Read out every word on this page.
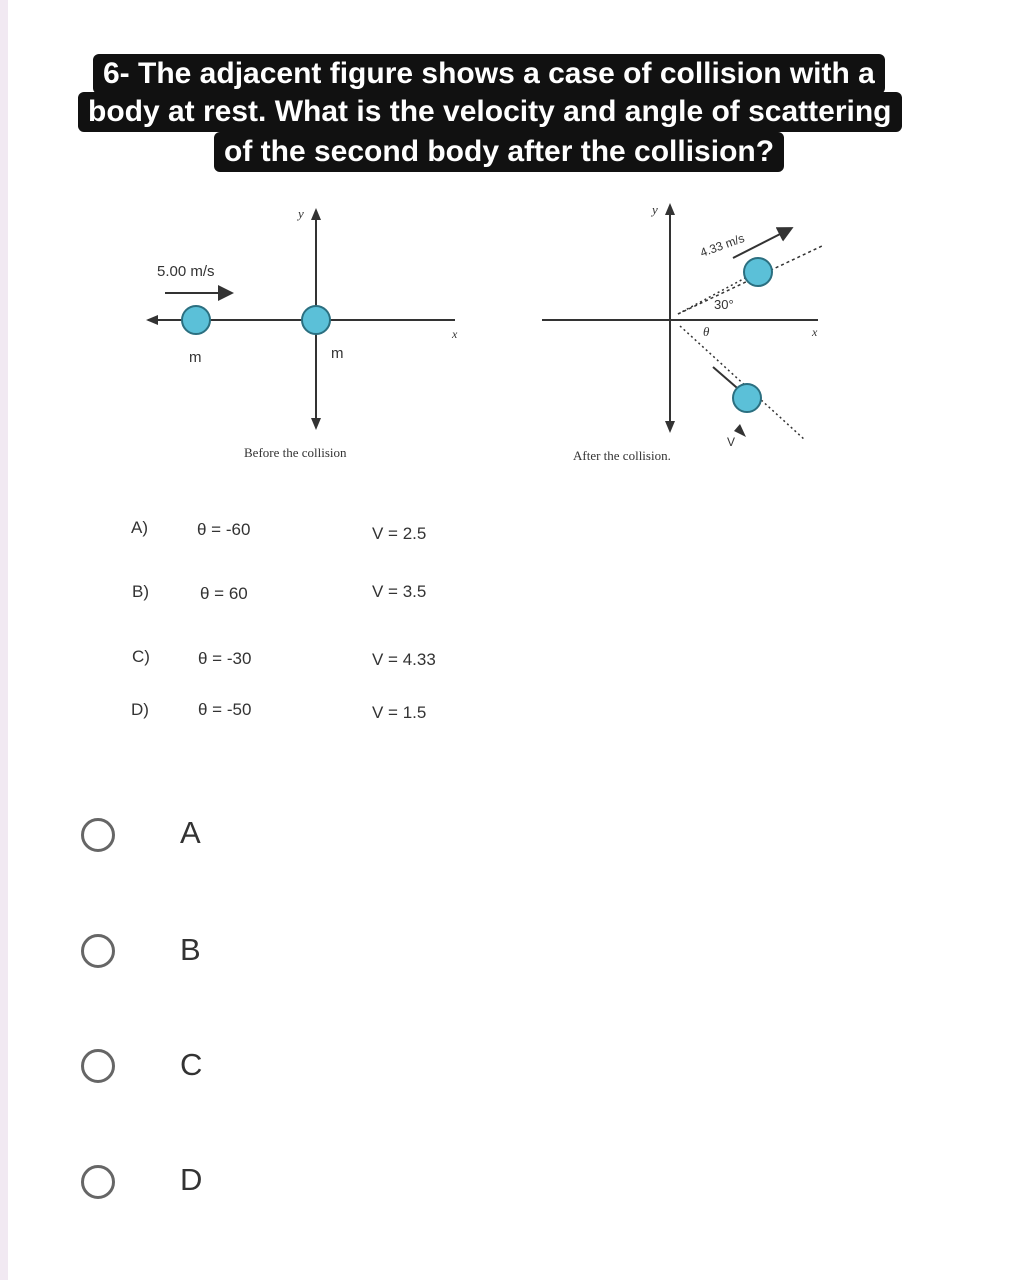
6- The adjacent figure shows a case of collision with a
body at rest. What is the velocity and angle of scattering
of the second body after the collision?
5.00 m/s
y
x
m	m
Before the collision
y
x
4.33 m/s
30°
θ
V
After the collision.
A)	θ = -60	V = 2.5
B)	θ = 60	V = 3.5
C)	θ = -30	V = 4.33
D)	θ = -50	V = 1.5
A
B
C
D
